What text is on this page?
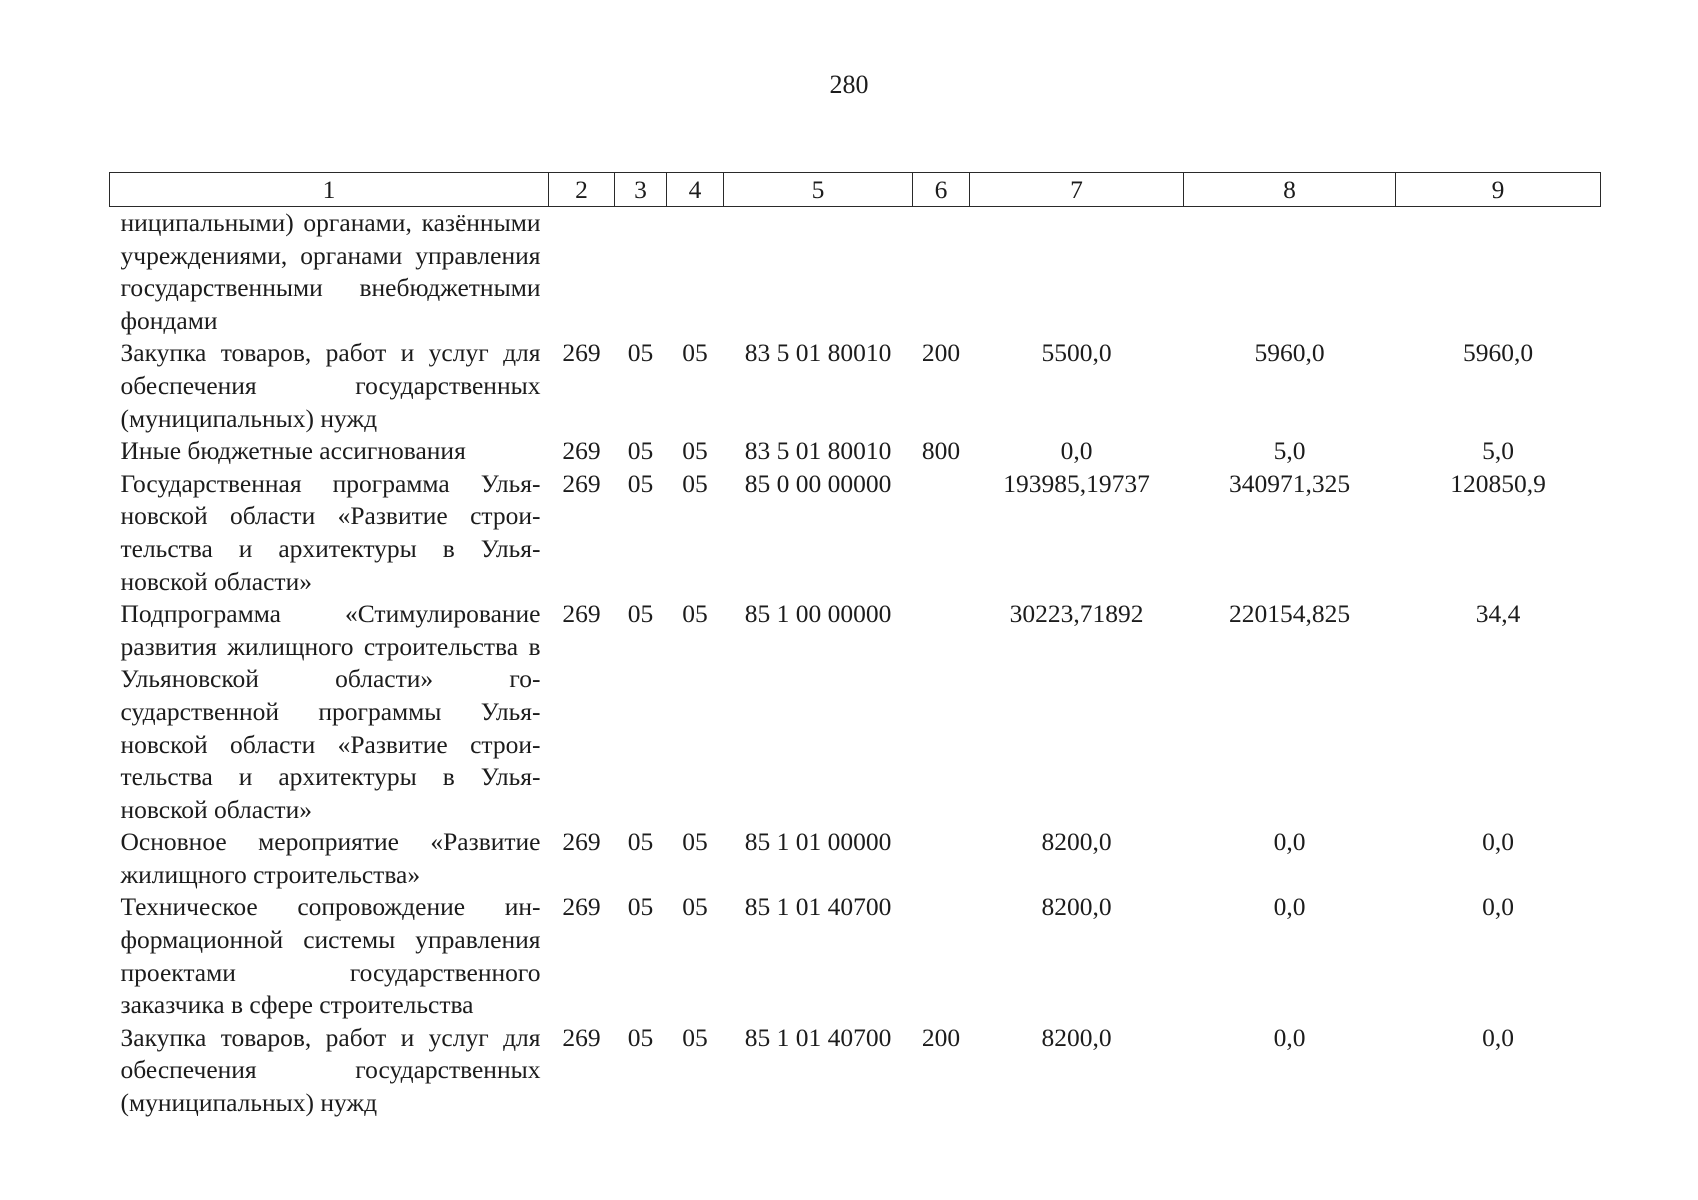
280
1	2	3	4	5	6	7	8	9
ниципальными) органами, казёнными учреждениями, органами управления государственными внебюджетными фондами								
Закупка товаров, работ и услуг для обеспечения государственных (муниципальных) нужд	269	05	05	83 5 01 80010	200	5500,0	5960,0	5960,0
Иные бюджетные ассигнования	269	05	05	83 5 01 80010	800	0,0	5,0	5,0
Государственная программа Ульяновской области «Развитие строительства и архитектуры в Ульяновской области»	269	05	05	85 0 00 00000		193985,19737	340971,325	120850,9
Подпрограмма «Стимулирование развития жилищного строительства в Ульяновской области» государственной программы Ульяновской области «Развитие строительства и архитектуры в Ульяновской области»	269	05	05	85 1 00 00000		30223,71892	220154,825	34,4
Основное мероприятие «Развитие жилищного строительства»	269	05	05	85 1 01 00000		8200,0	0,0	0,0
Техническое сопровождение информационной системы управления проектами государственного заказчика в сфере строительства	269	05	05	85 1 01 40700		8200,0	0,0	0,0
Закупка товаров, работ и услуг для обеспечения государственных (муниципальных) нужд	269	05	05	85 1 01 40700	200	8200,0	0,0	0,0
